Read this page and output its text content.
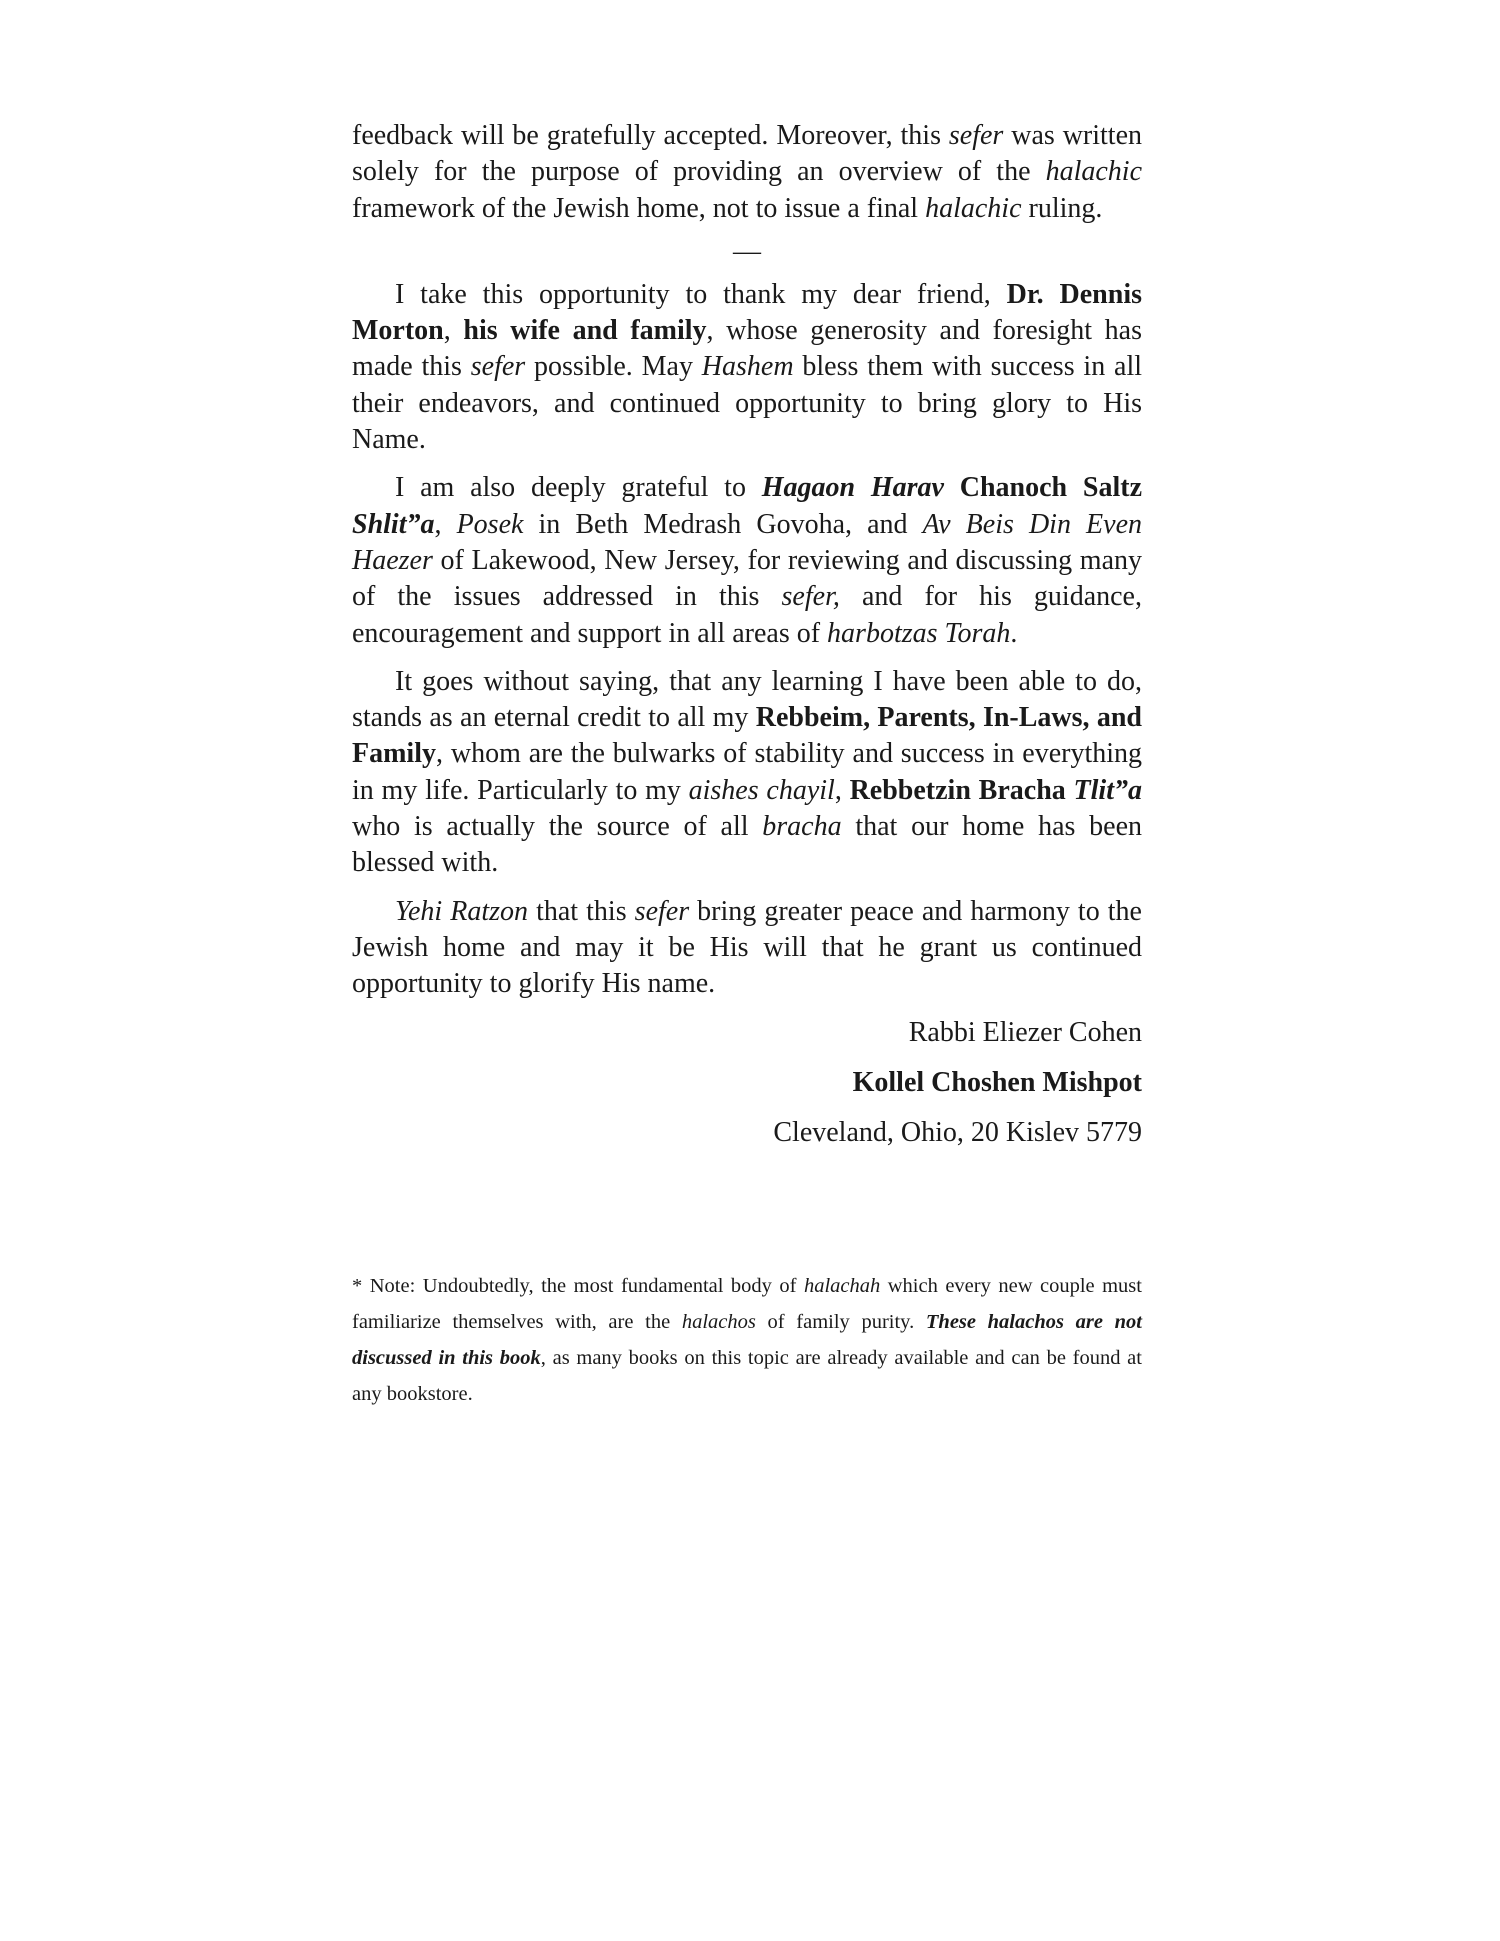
feedback will be gratefully accepted. Moreover, this sefer was written solely for the purpose of providing an overview of the halachic framework of the Jewish home, not to issue a final halachic ruling.

—

I take this opportunity to thank my dear friend, Dr. Dennis Morton, his wife and family, whose generosity and foresight has made this sefer possible. May Hashem bless them with success in all their endeavors, and continued opportunity to bring glory to His Name.

I am also deeply grateful to Hagaon Harav Chanoch Saltz Shlit”a, Posek in Beth Medrash Govoha, and Av Beis Din Even Haezer of Lakewood, New Jersey, for reviewing and discussing many of the issues addressed in this sefer, and for his guidance, encouragement and support in all areas of harbotzas Torah.

It goes without saying, that any learning I have been able to do, stands as an eternal credit to all my Rebbeim, Parents, In-Laws, and Family, whom are the bulwarks of stability and success in everything in my life. Particularly to my aishes chayil, Rebbetzin Bracha Tlit”a who is actually the source of all bracha that our home has been blessed with.

Yehi Ratzon that this sefer bring greater peace and harmony to the Jewish home and may it be His will that he grant us continued opportunity to glorify His name.

Rabbi Eliezer Cohen
Kollel Choshen Mishpot
Cleveland, Ohio, 20 Kislev 5779
* Note: Undoubtedly, the most fundamental body of halachah which every new couple must familiarize themselves with, are the halachos of family purity. These halachos are not discussed in this book, as many books on this topic are already available and can be found at any bookstore.
